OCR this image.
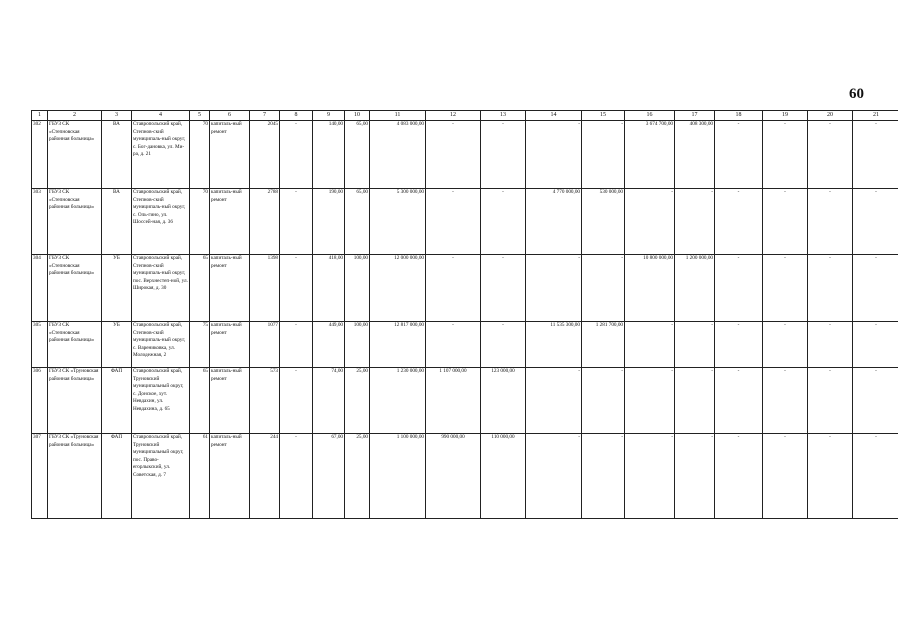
60
1	2	3	4	5	6	7	8	9	10	11	12	13	14	15	16	17	18	19	20	21
302	ГБУЗ СК «Степновская районная больница»	ВА	Ставропольский край, Степнов-ский муниципаль-ный округ, с. Бог-дановка, ул. Ми-ра, д. 21	70	капиталь-ный ремонт	2045	-	140,00	65,00	4 083 000,00	-	-	-	-	3 674 700,00	408 300,00	-	-	-	-
303	ГБУЗ СК «Степновская районная больница»	ВА	Ставропольский край, Степнов-ский муниципаль-ный округ, с. Оль-гино, ул. Шоссей-ная, д. 36	70	капиталь-ный ремонт	2788	-	190,00	65,00	5 300 000,00	-	-	4 770 000,00	530 000,00	-	-	-	-	-	-
304	ГБУЗ СК «Степновская районная больница»	УБ	Ставропольский край, Степнов-ский муниципаль-ный округ, пос. Верхнестеп-ной, ул. Широкая, д. 30	65	капиталь-ный ремонт	1398	-	418,00	100,00	12 000 000,00	-	-	-	-	10 800 000,00	1 200 000,00	-	-	-	-
305	ГБУЗ СК «Степновская районная больница»	УБ	Ставропольский край, Степнов-ский муниципаль-ный округ, с. Варениковка, ул. Молодежная, 2	75	капиталь-ный ремонт	1077	-	449,00	100,00	12 817 000,00	-	-	11 535 300,00	1 281 700,00	-	-	-	-	-	-
306	ГБУЗ СК «Труновская районная больница»	ФАП	Ставропольский край, Труновский муниципальный округ, с. Донское, хут. Невдахин, ул. Невдахина, д. 65	65	капиталь-ный ремонт	573	-	74,00	25,00	1 230 000,00	1 107 000,00	123 000,00	-	-	-	-	-	-	-	-
307	ГБУЗ СК «Труновская районная больница»	ФАП	Ставропольский край, Труновский муниципальный округ, пос. Право-егорлыкский, ул. Советская, д. 7	61	капиталь-ный ремонт	244	-	67,00	25,00	1 100 000,00	990 000,00	110 000,00	-	-	-	-	-	-	-	-
